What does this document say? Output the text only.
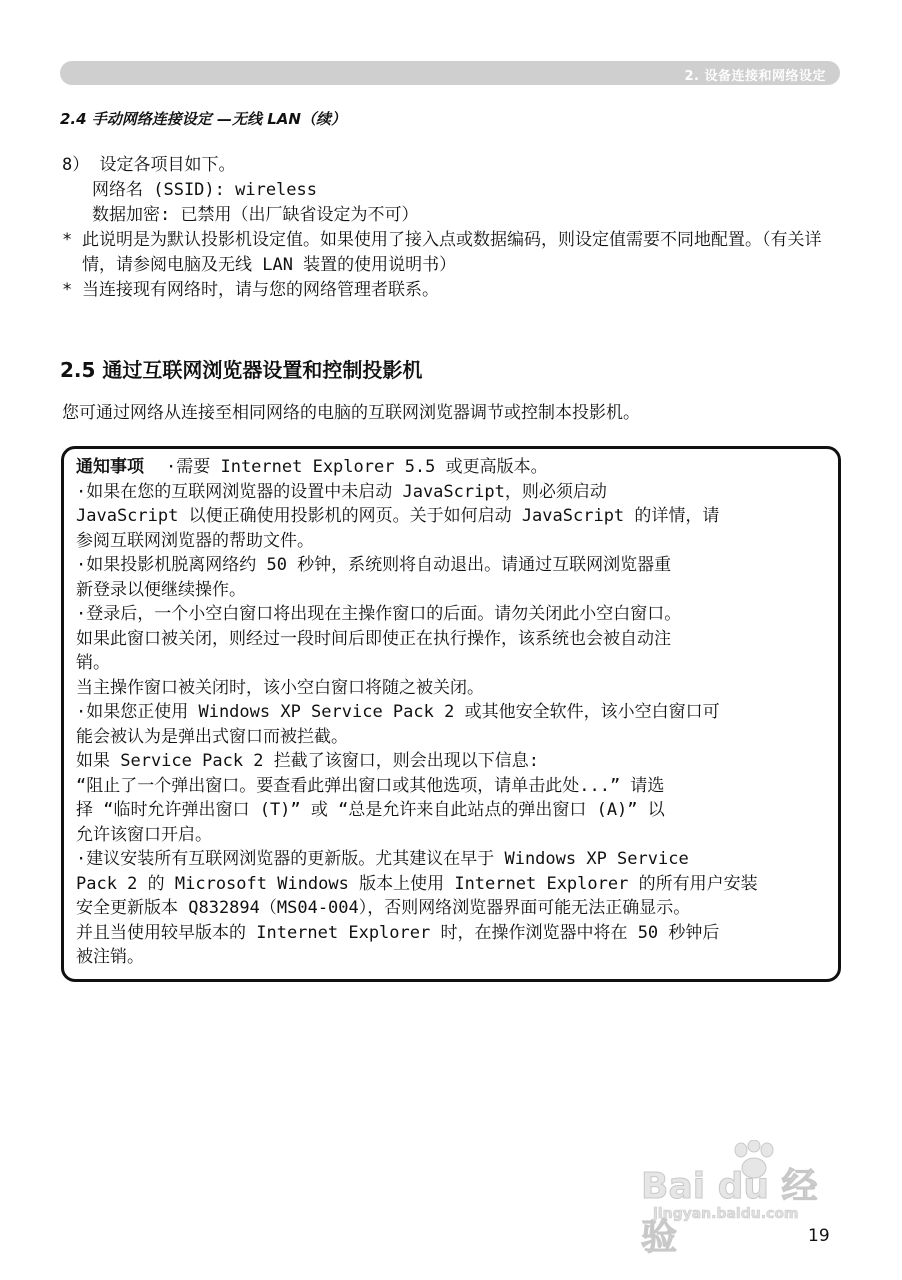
2. 设备连接和网络设定
2.4 手动网络连接设定 —无线 LAN（续）
8） 设定各项目如下。
网络名 (SSID): wireless
数据加密: 已禁用（出厂缺省设定为不可）
* 此说明是为默认投影机设定值。如果使用了接入点或数据编码，则设定值需要不同地配置。（有关详情，请参阅电脑及无线 LAN 装置的使用说明书）
* 当连接现有网络时，请与您的网络管理者联系。
2.5 通过互联网浏览器设置和控制投影机
您可通过网络从连接至相同网络的电脑的互联网浏览器调节或控制本投影机。
通知事项 ·需要 Internet Explorer 5.5 或更高版本。
·如果在您的互联网浏览器的设置中未启动 JavaScript，则必须启动
JavaScript 以便正确使用投影机的网页。关于如何启动 JavaScript 的详情，请
参阅互联网浏览器的帮助文件。
·如果投影机脱离网络约 50 秒钟，系统则将自动退出。请通过互联网浏览器重
新登录以便继续操作。
·登录后，一个小空白窗口将出现在主操作窗口的后面。请勿关闭此小空白窗口。
如果此窗口被关闭，则经过一段时间后即使正在执行操作，该系统也会被自动注
销。
当主操作窗口被关闭时，该小空白窗口将随之被关闭。
·如果您正使用 Windows XP Service Pack 2 或其他安全软件，该小空白窗口可
能会被认为是弹出式窗口而被拦截。
如果 Service Pack 2 拦截了该窗口，则会出现以下信息:
“阻止了一个弹出窗口。要查看此弹出窗口或其他选项，请单击此处...” 请选
择 “临时允许弹出窗口 (T)” 或 “总是允许来自此站点的弹出窗口 (A)” 以
允许该窗口开启。
·建议安装所有互联网浏览器的更新版。尤其建议在早于 Windows XP Service
Pack 2 的 Microsoft Windows 版本上使用 Internet Explorer 的所有用户安装
安全更新版本 Q832894（MS04-004），否则网络浏览器界面可能无法正确显示。
并且当使用较早版本的 Internet Explorer 时，在操作浏览器中将在 50 秒钟后
被注销。
Bai du 经验
jingyan.baidu.com
19
